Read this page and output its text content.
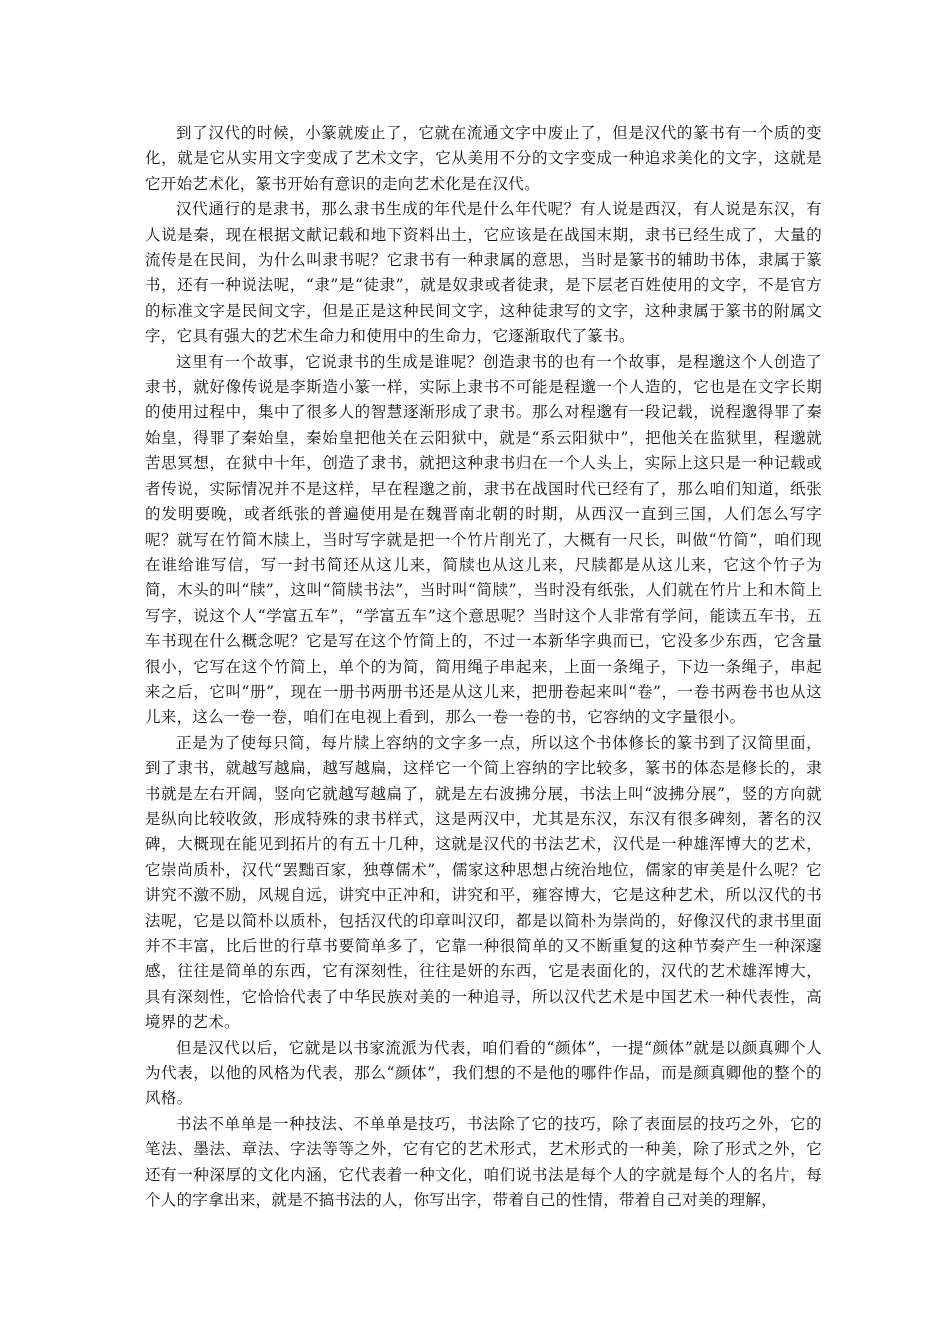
到了汉代的时候，小篆就废止了，它就在流通文字中废止了，但是汉代的篆书有一个质的变化，就是它从实用文字变成了艺术文字，它从美用不分的文字变成一种追求美化的文字，这就是它开始艺术化，篆书开始有意识的走向艺术化是在汉代。

汉代通行的是隶书，那么隶书生成的年代是什么年代呢？有人说是西汉，有人说是东汉，有人说是秦，现在根据文献记载和地下资料出土，它应该是在战国末期，隶书已经生成了，大量的流传是在民间，为什么叫隶书呢？它隶书有一种隶属的意思，当时是篆书的辅助书体，隶属于篆书，还有一种说法呢，“隶”是“徒隶”，就是奴隶或者徒隶，是下层老百姓使用的文字，不是官方的标准文字是民间文字，但是正是这种民间文字，这种徒隶写的文字，这种隶属于篆书的附属文字，它具有强大的艺术生命力和使用中的生命力，它逐渐取代了篆书。

这里有一个故事，它说隶书的生成是谁呢？创造隶书的也有一个故事，是程邈这个人创造了隶书，就好像传说是李斯造小篆一样，实际上隶书不可能是程邈一个人造的，它也是在文字长期的使用过程中，集中了很多人的智慧逐渐形成了隶书。那么对程邈有一段记载，说程邈得罪了秦始皇，得罪了秦始皇，秦始皇把他关在云阳狱中，就是“系云阳狱中”，把他关在监狱里，程邈就苦思冥想，在狱中十年，创造了隶书，就把这种隶书归在一个人头上，实际上这只是一种记载或者传说，实际情况并不是这样，早在程邈之前，隶书在战国时代已经有了，那么咱们知道，纸张的发明要晚，或者纸张的普遍使用是在魏晋南北朝的时期，从西汉一直到三国，人们怎么写字呢？就写在竹简木牍上，当时写字就是把一个竹片削光了，大概有一尺长，叫做“竹简”，咱们现在谁给谁写信，写一封书简还从这儿来，简牍也从这儿来，尺牍都是从这儿来，它这个竹子为简，木头的叫“牍”，这叫“简牍书法”，当时叫“简牍”，当时没有纸张，人们就在竹片上和木简上写字，说这个人“学富五车”，“学富五车”这个意思呢？当时这个人非常有学问，能读五车书，五车书现在什么概念呢？它是写在这个竹简上的，不过一本新华字典而已，它没多少东西，它含量很小，它写在这个竹简上，单个的为简，简用绳子串起来，上面一条绳子，下边一条绳子，串起来之后，它叫“册”，现在一册书两册书还是从这儿来，把册卷起来叫“卷”，一卷书两卷书也从这儿来，这么一卷一卷，咱们在电视上看到，那么一卷一卷的书，它容纳的文字量很小。

正是为了使每只简，每片牍上容纳的文字多一点，所以这个书体修长的篆书到了汉简里面，到了隶书，就越写越扁，越写越扁，这样它一个简上容纳的字比较多，篆书的体态是修长的，隶书就是左右开阔，竖向它就越写越扁了，就是左右波拂分展，书法上叫“波拂分展”，竖的方向就是纵向比较收敛，形成特殊的隶书样式，这是两汉中，尤其是东汉，东汉有很多碑刻，著名的汉碑，大概现在能见到拓片的有五十几种，这就是汉代的书法艺术，汉代是一种雄浑博大的艺术，它崇尚质朴，汉代“罢黜百家，独尊儒术”，儒家这种思想占统治地位，儒家的审美是什么呢？它讲究不激不励，风规自远，讲究中正冲和，讲究和平，雍容博大，它是这种艺术，所以汉代的书法呢，它是以简朴以质朴，包括汉代的印章叫汉印，都是以简朴为崇尚的，好像汉代的隶书里面并不丰富，比后世的行草书要简单多了，它靠一种很简单的又不断重复的这种节奏产生一种深邃感，往往是简单的东西，它有深刻性，往往是妍的东西，它是表面化的，汉代的艺术雄浑博大，具有深刻性，它恰恰代表了中华民族对美的一种追寻，所以汉代艺术是中国艺术一种代表性，高境界的艺术。

但是汉代以后，它就是以书家流派为代表，咱们看的“颜体”，一提“颜体”就是以颜真卿个人为代表，以他的风格为代表，那么“颜体”，我们想的不是他的哪件作品，而是颜真卿他的整个的风格。

书法不单单是一种技法、不单单是技巧，书法除了它的技巧，除了表面层的技巧之外，它的笔法、墨法、章法、字法等等之外，它有它的艺术形式，艺术形式的一种美，除了形式之外，它还有一种深厚的文化内涵，它代表着一种文化，咱们说书法是每个人的字就是每个人的名片，每个人的字拿出来，就是不搞书法的人，你写出字，带着自己的性情，带着自己对美的理解，
